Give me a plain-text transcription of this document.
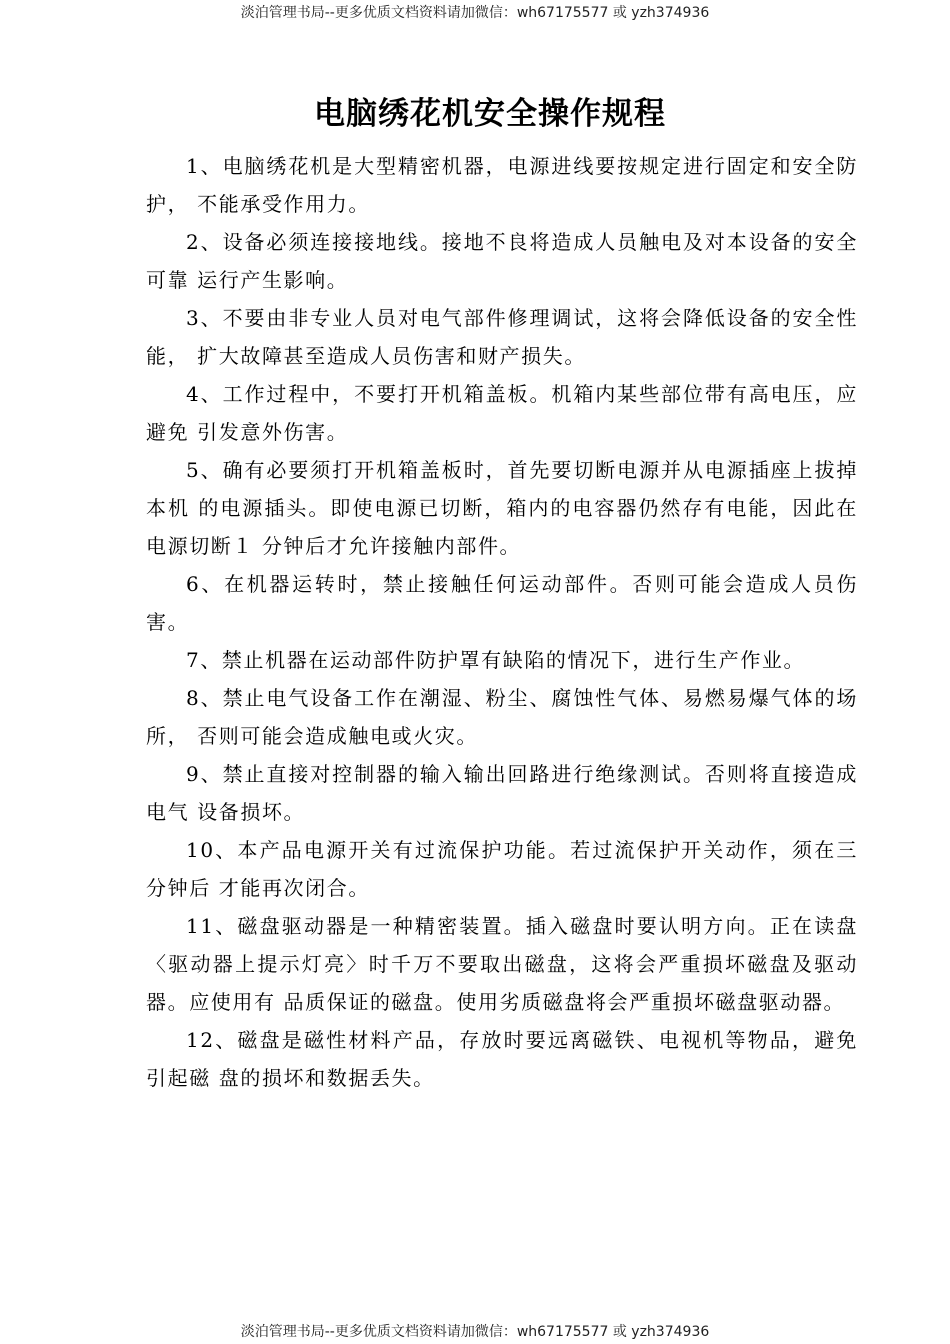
淡泊管理书局--更多优质文档资料请加微信：wh67175577 或 yzh374936
电脑绣花机安全操作规程

1、电脑绣花机是大型精密机器，电源进线要按规定进行固定和安全防护， 不能承受作用力。

2、设备必须连接接地线。接地不良将造成人员触电及对本设备的安全可靠 运行产生影响。

3、不要由非专业人员对电气部件修理调试，这将会降低设备的安全性能， 扩大故障甚至造成人员伤害和财产损失。

4、工作过程中，不要打开机箱盖板。机箱内某些部位带有高电压，应避免 引发意外伤害。

5、确有必要须打开机箱盖板时，首先要切断电源并从电源插座上拔掉本机 的电源插头。即使电源已切断，箱内的电容器仍然存有电能，因此在电源切断１ 分钟后才允许接触内部件。

6、在机器运转时，禁止接触任何运动部件。否则可能会造成人员伤害。

7、禁止机器在运动部件防护罩有缺陷的情况下，进行生产作业。

8、禁止电气设备工作在潮湿、粉尘、腐蚀性气体、易燃易爆气体的场所， 否则可能会造成触电或火灾。

9、禁止直接对控制器的输入输出回路进行绝缘测试。否则将直接造成电气 设备损坏。

10、本产品电源开关有过流保护功能。若过流保护开关动作，须在三分钟后 才能再次闭合。

11、磁盘驱动器是一种精密装置。插入磁盘时要认明方向。正在读盘〈驱动器上提示灯亮〉时千万不要取出磁盘，这将会严重损坏磁盘及驱动器。应使用有 品质保证的磁盘。使用劣质磁盘将会严重损坏磁盘驱动器。

12、磁盘是磁性材料产品，存放时要远离磁铁、电视机等物品，避免引起磁 盘的损坏和数据丢失。

淡泊管理书局--更多优质文档资料请加微信：wh67175577 或 yzh374936
